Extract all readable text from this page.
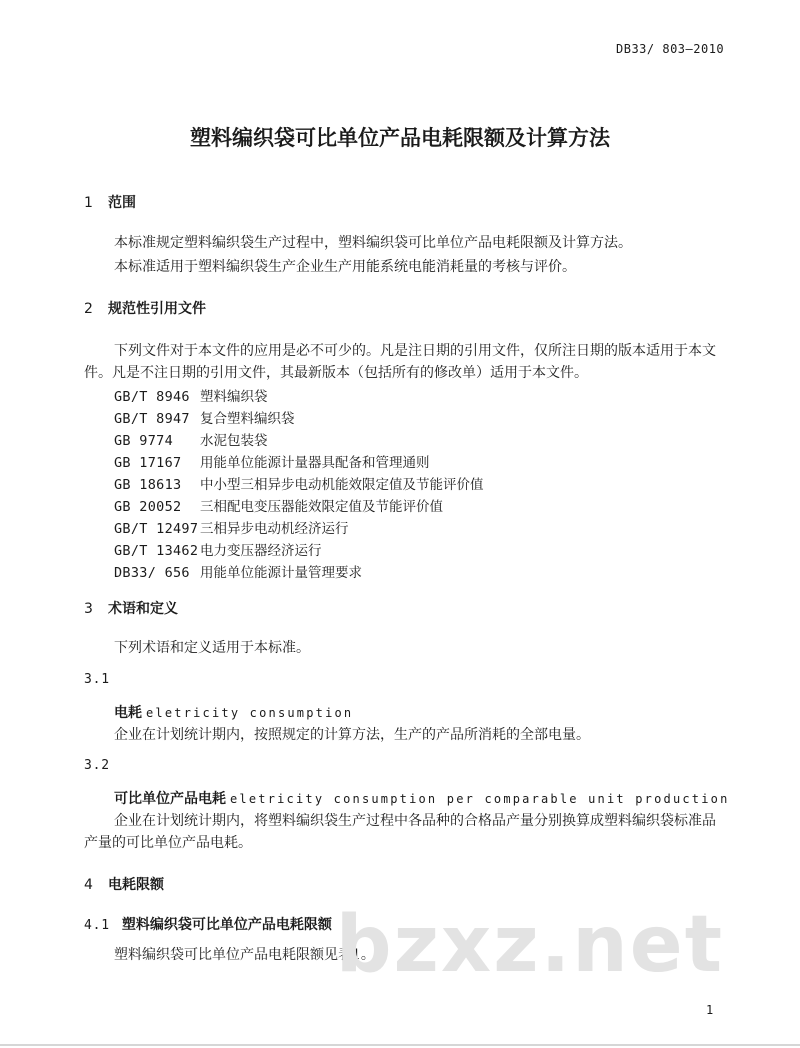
DB33/ 803—2010
塑料编织袋可比单位产品电耗限额及计算方法
1 范围
本标准规定塑料编织袋生产过程中，塑料编织袋可比单位产品电耗限额及计算方法。
本标准适用于塑料编织袋生产企业生产用能系统电能消耗量的考核与评价。
2 规范性引用文件
下列文件对于本文件的应用是必不可少的。凡是注日期的引用文件，仅所注日期的版本适用于本文
件。凡是不注日期的引用文件，其最新版本（包括所有的修改单）适用于本文件。
GB/T 8946 塑料编织袋
GB/T 8947 复合塑料编织袋
GB 9774 水泥包装袋
GB 17167 用能单位能源计量器具配备和管理通则
GB 18613 中小型三相异步电动机能效限定值及节能评价值
GB 20052 三相配电变压器能效限定值及节能评价值
GB/T 12497 三相异步电动机经济运行
GB/T 13462 电力变压器经济运行
DB33/ 656 用能单位能源计量管理要求
3 术语和定义
下列术语和定义适用于本标准。
3.1
电耗 eletricity consumption
企业在计划统计期内，按照规定的计算方法，生产的产品所消耗的全部电量。
3.2
可比单位产品电耗 eletricity consumption per comparable unit production
企业在计划统计期内，将塑料编织袋生产过程中各品种的合格品产量分别换算成塑料编织袋标准品
产量的可比单位产品电耗。
4 电耗限额
4.1 塑料编织袋可比单位产品电耗限额
塑料编织袋可比单位产品电耗限额见表1。
bzxz.net
1
